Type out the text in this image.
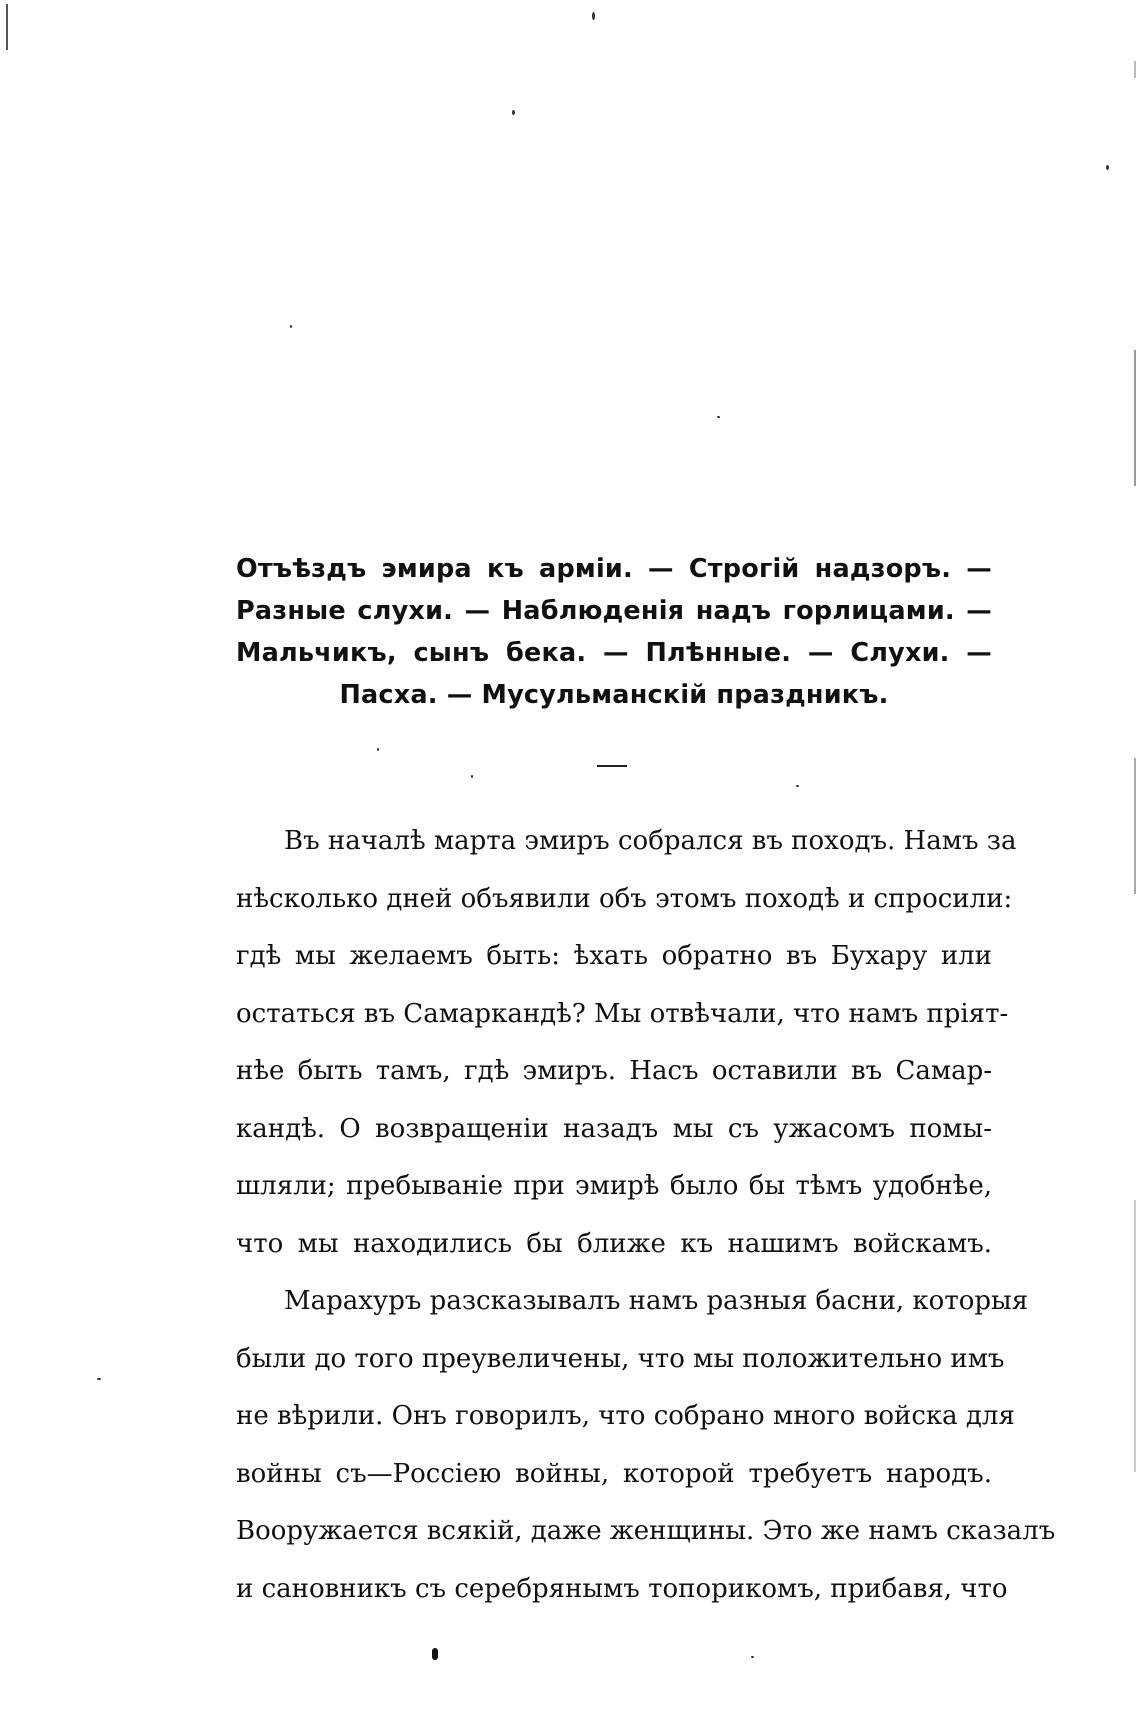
Отъѣздъ эмира къ арміи. — Строгій надзоръ. —
Разные слухи. — Наблюденія надъ горлицами. —
Мальчикъ, сынъ бека. — Плѣнные. — Слухи. —
Пасха. — Мусульманскій праздникъ.
Въ началѣ марта эмиръ собрался въ походъ. Намъ за
нѣсколько дней объявили объ этомъ походѣ и спросили:
гдѣ мы желаемъ быть: ѣхать обратно въ Бухару или
остаться въ Самаркандѣ? Мы отвѣчали, что намъ пріят-
нѣе быть тамъ, гдѣ эмиръ. Насъ оставили въ Самар-
кандѣ. О возвращеніи назадъ мы съ ужасомъ помы-
шляли; пребываніе при эмирѣ было бы тѣмъ удобнѣе,
что мы находились бы ближе къ нашимъ войскамъ.
Марахуръ разсказывалъ намъ разныя басни, которыя
были до того преувеличены, что мы положительно имъ
не вѣрили. Онъ говорилъ, что собрано много войска для
войны съ—Россіею войны, которой требуетъ народъ.
Вооружается всякій, даже женщины. Это же намъ сказалъ
и сановникъ съ серебрянымъ топорикомъ, прибавя, что
